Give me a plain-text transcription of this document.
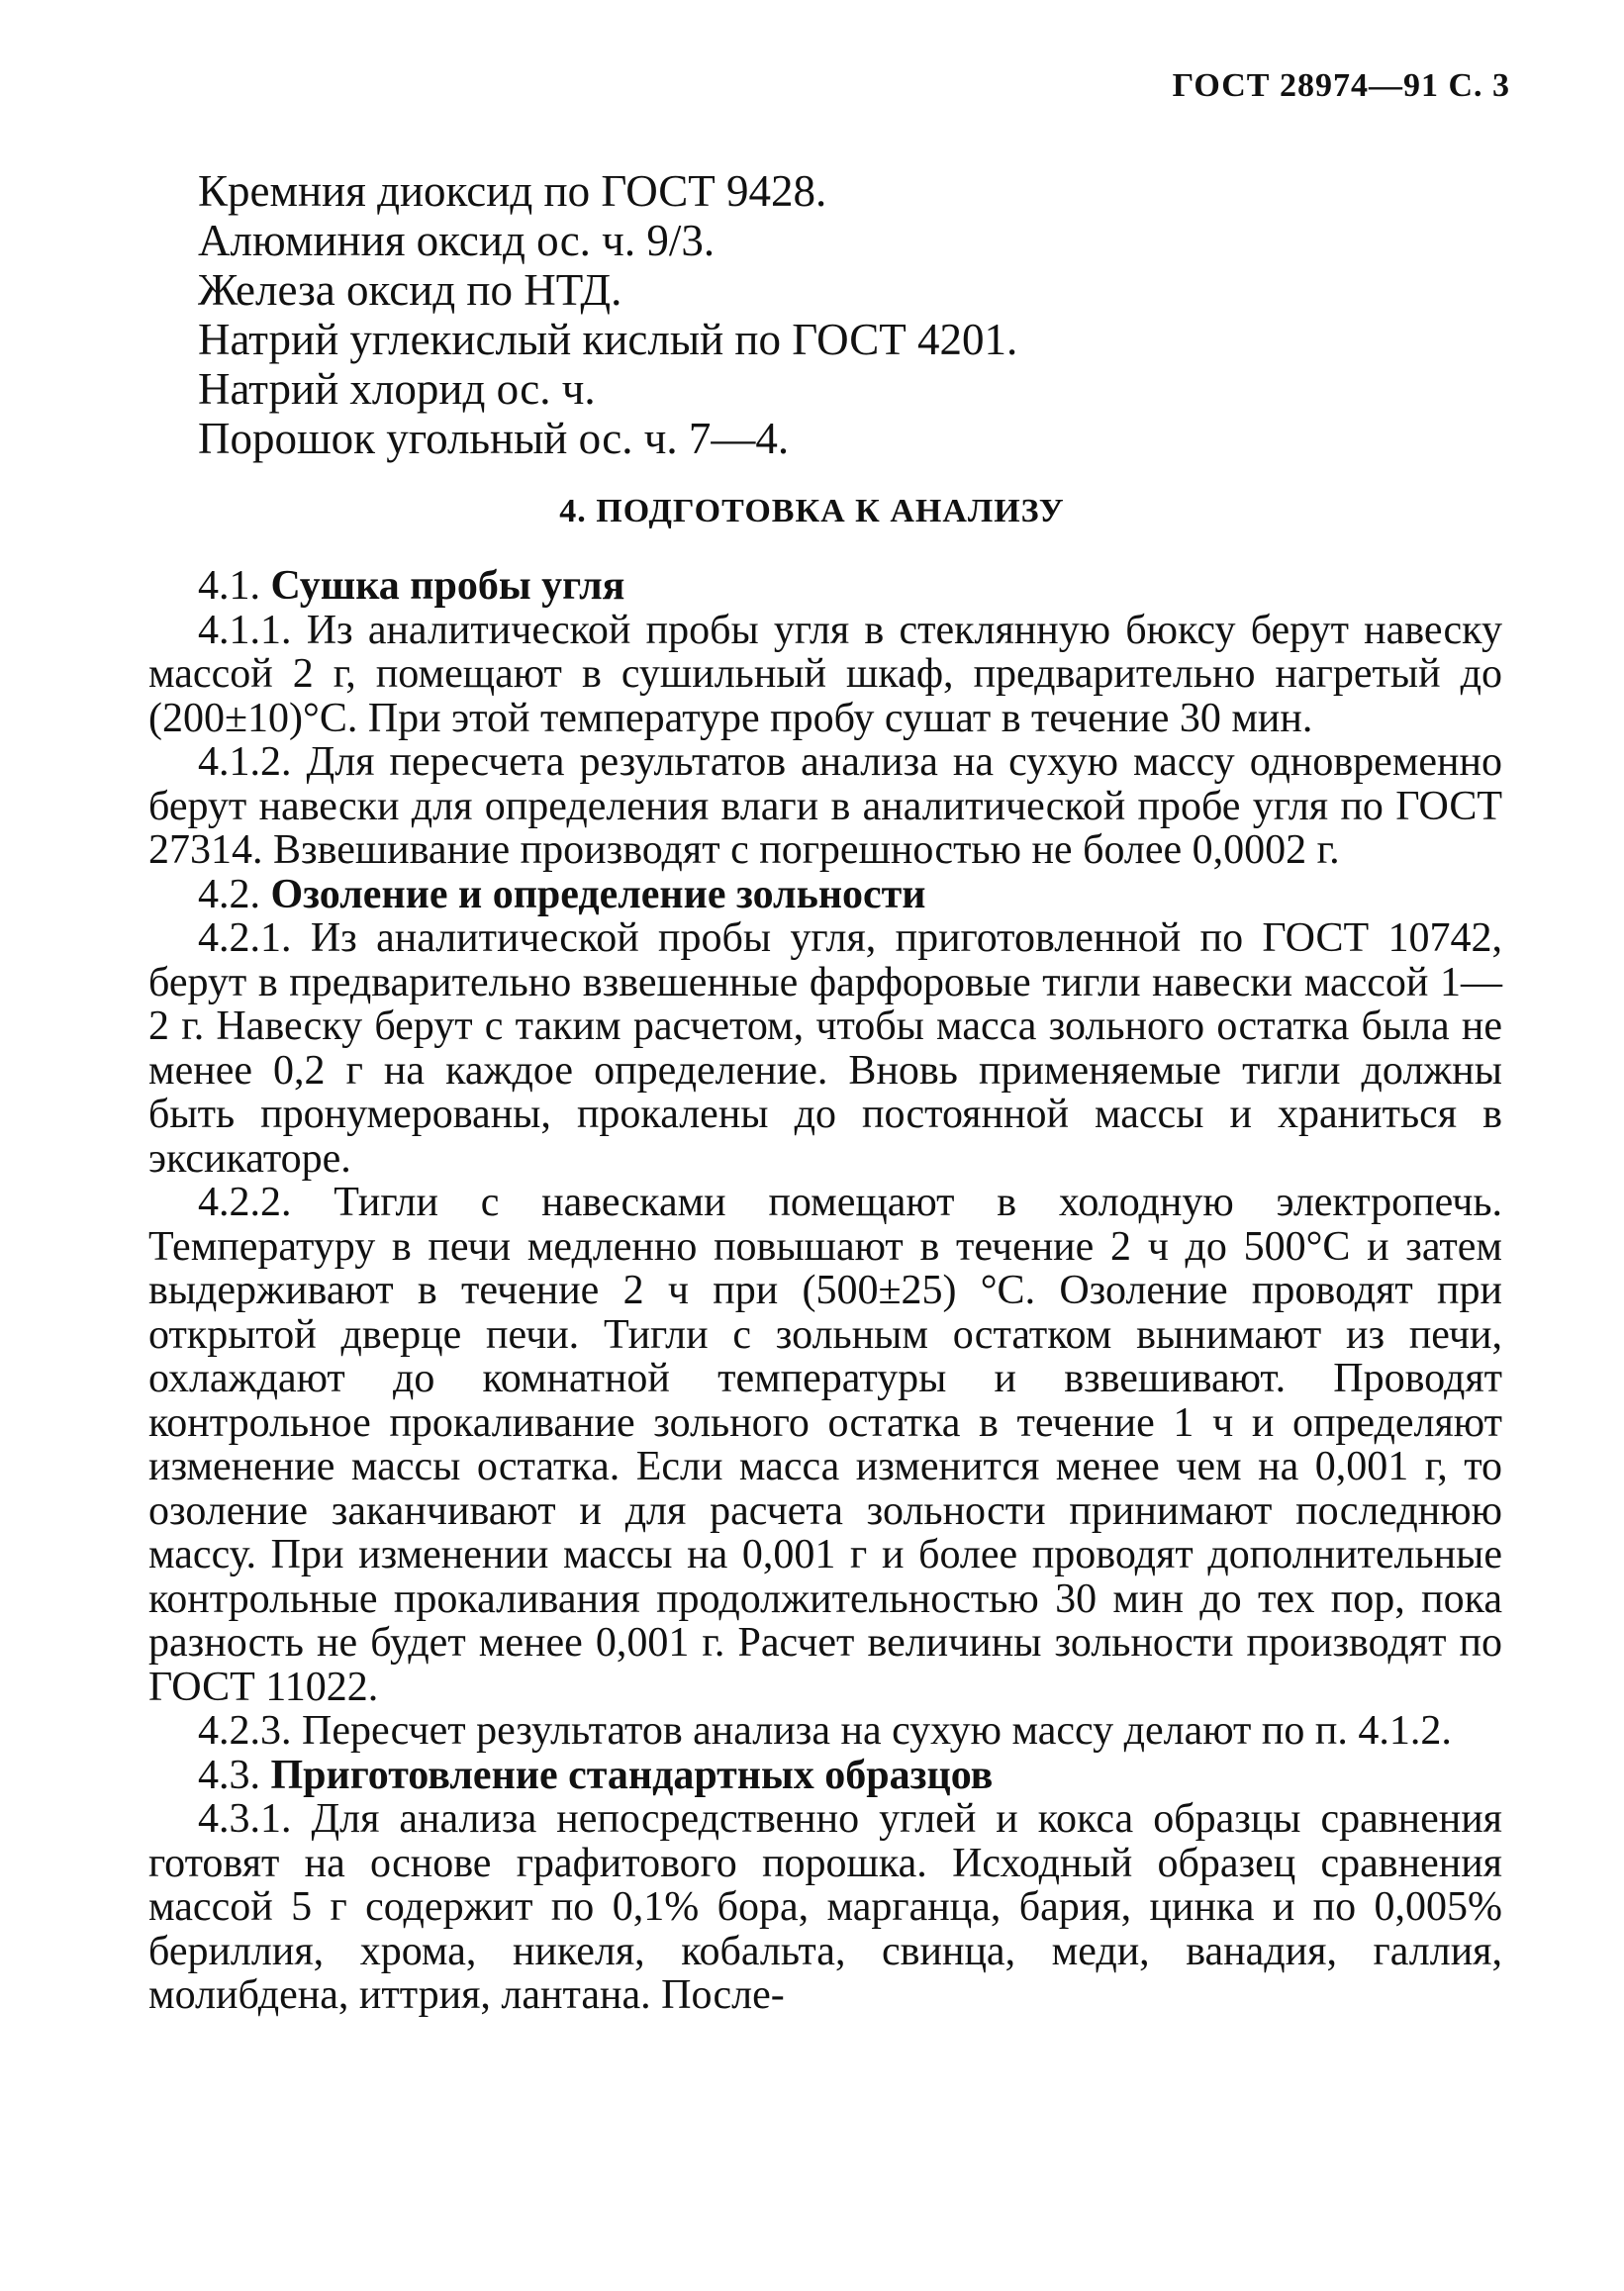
ГОСТ 28974—91 С. 3
Кремния диоксид по ГОСТ 9428.
Алюминия оксид ос. ч. 9/3.
Железа оксид по НТД.
Натрий углекислый кислый по ГОСТ 4201.
Натрий хлорид ос. ч.
Порошок угольный ос. ч. 7—4.
4. ПОДГОТОВКА К АНАЛИЗУ

4.1. Сушка пробы угля

4.1.1. Из аналитической пробы угля в стеклянную бюксу берут навеску массой 2 г, помещают в сушильный шкаф, предварительно нагретый до (200±10)°С. При этой температуре пробу сушат в течение 30 мин.

4.1.2. Для пересчета результатов анализа на сухую массу одновременно берут навески для определения влаги в аналитической пробе угля по ГОСТ 27314. Взвешивание производят с погрешностью не более 0,0002 г.

4.2. Озоление и определение зольности

4.2.1. Из аналитической пробы угля, приготовленной по ГОСТ 10742, берут в предварительно взвешенные фарфоровые тигли навески массой 1—2 г. Навеску берут с таким расчетом, чтобы масса зольного остатка была не менее 0,2 г на каждое определение. Вновь применяемые тигли должны быть пронумерованы, прокалены до постоянной массы и храниться в эксикаторе.

4.2.2. Тигли с навесками помещают в холодную электропечь. Температуру в печи медленно повышают в течение 2 ч до 500°С и затем выдерживают в течение 2 ч при (500±25) °С. Озоление проводят при открытой дверце печи. Тигли с зольным остатком вынимают из печи, охлаждают до комнатной температуры и взвешивают. Проводят контрольное прокаливание зольного остатка в течение 1 ч и определяют изменение массы остатка. Если масса изменится менее чем на 0,001 г, то озоление заканчивают и для расчета зольности принимают последнюю массу. При изменении массы на 0,001 г и более проводят дополнительные контрольные прокаливания продолжительностью 30 мин до тех пор, пока разность не будет менее 0,001 г. Расчет величины зольности производят по ГОСТ 11022.

4.2.3. Пересчет результатов анализа на сухую массу делают по п. 4.1.2.

4.3. Приготовление стандартных образцов

4.3.1. Для анализа непосредственно углей и кокса образцы сравнения готовят на основе графитового порошка. Исходный образец сравнения массой 5 г содержит по 0,1% бора, марганца, бария, цинка и по 0,005% бериллия, хрома, никеля, кобальта, свинца, меди, ванадия, галлия, молибдена, иттрия, лантана. После-
